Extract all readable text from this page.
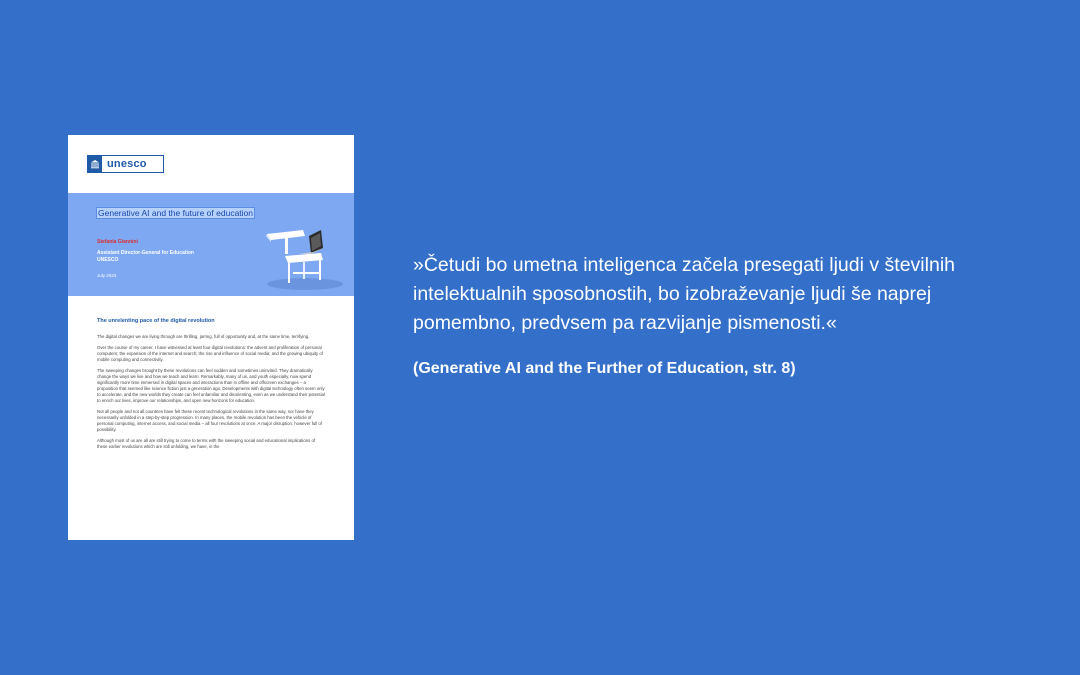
unesco
Generative AI and the future of education
Stefania Giannini
Assistant Director-General for Education
UNESCO
July 2023
The unrelenting pace of the digital revolution

The digital changes we are living through are thrilling, jarring, full of opportunity and, at the same time, terrifying.

Over the course of my career, I have witnessed at least four digital revolutions: the advent and proliferation of personal computers; the expansion of the internet and search; the rise and influence of social media; and the growing ubiquity of mobile computing and connectivity.

The sweeping changes brought by these revolutions can feel sudden and sometimes uninvited. They dramatically change the ways we live and how we teach and learn. Remarkably, many of us, and youth especially, now spend significantly more time immersed in digital spaces and interactions than in offline and offscreen exchanges – a proposition that seemed like science fiction just a generation ago. Developments with digital technology often seem only to accelerate, and the new worlds they create can feel unfamiliar and disorienting, even as we understand their potential to enrich our lives, improve our relationships, and open new horizons for education.

Not all people and not all countries have felt these recent technological revolutions in the same way, nor have they necessarily unfolded in a step-by-step progression. In many places, the mobile revolution has been the vehicle of personal computing, internet access, and social media – all four revolutions at once. A major disruption, however full of possibility.

Although most of us are all are still trying to come to terms with the sweeping social and educational implications of these earlier revolutions which are still unfolding, we have, in the

»Četudi bo umetna inteligenca začela presegati ljudi v številnih intelektualnih sposobnostih, bo izobraževanje ljudi še naprej pomembno, predvsem pa razvijanje pismenosti.«
(Generative AI and the Further of Education, str. 8)
